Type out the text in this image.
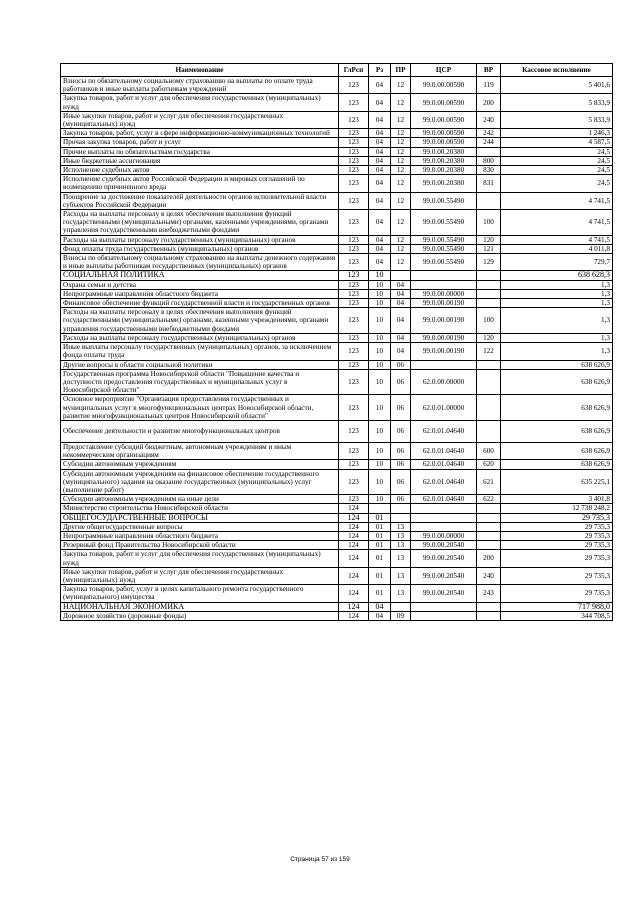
Наименование	ГлРсп	Рз	ПР	ЦСР	ВР	Кассовое исполнение
Взносы по обязательному социальному страхованию на выплаты по оплате труда работников и иные выплаты работникам учреждений	123	04	12	99.0.00.00590	119	5 401,6
Закупка товаров, работ и услуг для обеспечения государственных (муниципальных) нужд	123	04	12	99.0.00.00590	200	5 833,9
Иные закупки товаров, работ и услуг для обеспечения государственных (муниципальных) нужд	123	04	12	99.0.00.00590	240	5 833,9
Закупка товаров, работ, услуг в сфере информационно-коммуникационных технологий	123	04	12	99.0.00.00590	242	1 246,3
Прочая закупка товаров, работ и услуг	123	04	12	99.0.00.00590	244	4 587,5
Прочие выплаты по обязательствам государства	123	04	12	99.0.00.20380		24,5
Иные бюджетные ассигнования	123	04	12	99.0.00.20380	800	24,5
Исполнение судебных актов	123	04	12	99.0.00.20380	830	24,5
Исполнение судебных актов Российской Федерации и мировых соглашений по возмещению причиненного вреда	123	04	12	99.0.00.20380	831	24,5
Поощрение за достижение показателей деятельности органов исполнительной власти субъектов Российской Федерации	123	04	12	99.0.00.55490		4 741,5
Расходы на выплаты персоналу в целях обеспечения выполнения функций государственными (муниципальными) органами, казенными учреждениями, органами управления государственными внебюджетными фондами	123	04	12	99.0.00.55490	100	4 741,5
Расходы на выплаты персоналу государственных (муниципальных) органов	123	04	12	99.0.00.55490	120	4 741,5
Фонд оплаты труда государственных (муниципальных) органов	123	04	12	99.0.00.55490	121	4 011,8
Взносы по обязательному социальному страхованию на выплаты денежного содержания и иные выплаты работникам государственных (муниципальных) органов	123	04	12	99.0.00.55490	129	729,7
СОЦИАЛЬНАЯ ПОЛИТИКА	123	10				638 628,3
Охрана семьи и детства	123	10	04			1,3
Непрограммные направления областного бюджета	123	10	04	99.0.00.00000		1,3
Финансовое обеспечение функций государственной власти и государственных органов	123	10	04	99.0.00.00190		1,3
Расходы на выплаты персоналу в целях обеспечения выполнения функций государственными (муниципальными) органами, казенными учреждениями, органами управления государственными внебюджетными фондами	123	10	04	99.0.00.00190	100	1,3
Расходы на выплаты персоналу государственных (муниципальных) органов	123	10	04	99.0.00.00190	120	1,3
Иные выплаты персоналу государственных (муниципальных) органов, за исключением фонда оплаты труда	123	10	04	99.0.00.00190	122	1,3
Другие вопросы в области социальной политики	123	10	06			638 626,9
Государственная программа Новосибирской области "Повышение качества и доступности предоставления государственных и муниципальных услуг в Новосибирской области"	123	10	06	62.0.00.00000		638 626,9
Основное мероприятие "Организация предоставления государственных и муниципальных услуг в многофункциональных центрах Новосибирской области, развитие многофункциональных центров Новосибирской области"	123	10	06	62.0.01.00000		638 626,9
Обеспечение деятельности и развитие многофункциональных центров	123	10	06	62.0.01.04640		638 626,9
Предоставление субсидий бюджетным, автономным учреждениям и иным некоммерческим организациям	123	10	06	62.0.01.04640	600	638 626,9
Субсидии автономным учреждениям	123	10	06	62.0.01.04640	620	638 626,9
Субсидии автономным учреждениям на финансовое обеспечение государственного (муниципального) задания на оказание государственных (муниципальных) услуг (выполнение работ)	123	10	06	62.0.01.04640	621	635 225,1
Субсидии автономным учреждениям на иные цели	123	10	06	62.0.01.04640	622	3 401,8
Министерство строительства Новосибирской области	124					12 738 248,2
ОБЩЕГОСУДАРСТВЕННЫЕ ВОПРОСЫ	124	01				29 735,3
Другие общегосударственные вопросы	124	01	13			29 735,3
Непрограммные направления областного бюджета	124	01	13	99.0.00.00000		29 735,3
Резервный фонд Правительства Новосибирской области	124	01	13	99.0.00.20540		29 735,3
Закупка товаров, работ и услуг для обеспечения государственных (муниципальных) нужд	124	01	13	99.0.00.20540	200	29 735,3
Иные закупки товаров, работ и услуг для обеспечения государственных (муниципальных) нужд	124	01	13	99.0.00.20540	240	29 735,3
Закупка товаров, работ, услуг в целях капитального ремонта государственного (муниципального) имущества	124	01	13	99.0.00.20540	243	29 735,3
НАЦИОНАЛЬНАЯ ЭКОНОМИКА	124	04				717 988,0
Дорожное хозяйство (дорожные фонды)	124	04	09			344 708,5
Страница 57 из 159
